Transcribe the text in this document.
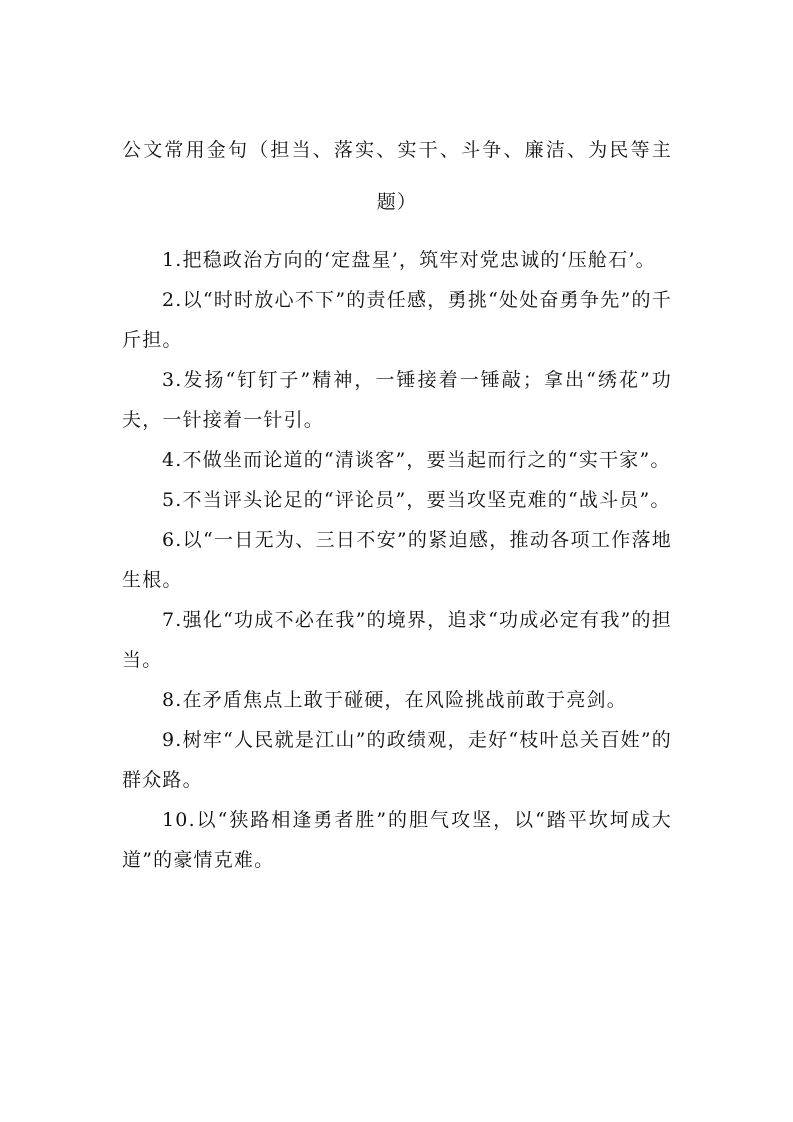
公文常用金句（担当、落实、实干、斗争、廉洁、为民等主
题）
1.把稳政治方向的‘定盘星’，筑牢对党忠诚的‘压舱石’。
2.以“时时放心不下”的责任感，勇挑“处处奋勇争先”的千斤担。
3.发扬“钉钉子”精神，一锤接着一锤敲；拿出“绣花”功夫，一针接着一针引。
4.不做坐而论道的“清谈客”，要当起而行之的“实干家”。
5.不当评头论足的“评论员”，要当攻坚克难的“战斗员”。
6.以“一日无为、三日不安”的紧迫感，推动各项工作落地生根。
7.强化“功成不必在我”的境界，追求“功成必定有我”的担当。
8.在矛盾焦点上敢于碰硬，在风险挑战前敢于亮剑。
9.树牢“人民就是江山”的政绩观，走好“枝叶总关百姓”的群众路。
10.以“狭路相逢勇者胜”的胆气攻坚，以“踏平坎坷成大道”的豪情克难。
